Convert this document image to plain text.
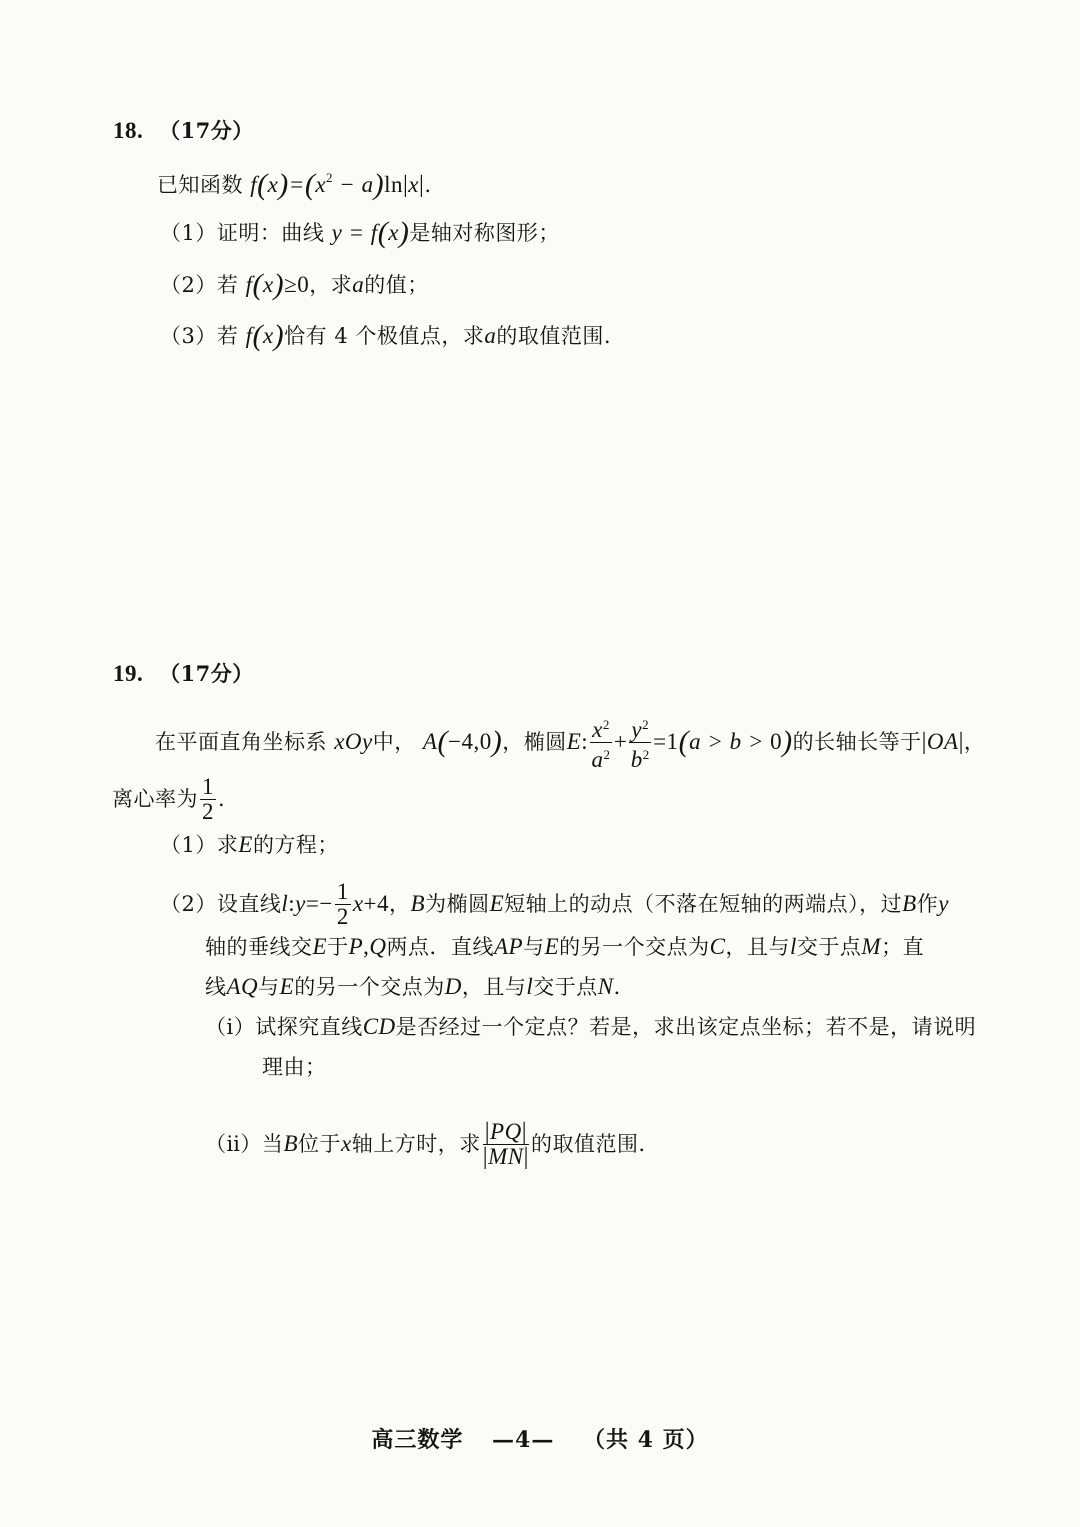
18. （17分）
已知函数 $f(x)=(x^2 - a)\ln|x|$.
（1）证明：曲线 y = f(x)是轴对称图形；
（2）若 f(x)≥0，求a的值；
（3）若 f(x)恰有 4 个极值点，求a的取值范围.
19. （17分）
在平面直角坐标系 xOy中， A(−4,0)，椭圆E: $\frac{x^2}{a^2} + \frac{y^2}{b^2} =1(a > b > 0)$的长轴长等于|OA|，
离心率为 $\frac{1}{2}$ .
（1）求E的方程；
（2）设直线l:y=− $\frac{1}{2} x+4$，B为椭圆E短轴上的动点（不落在短轴的两端点），过B作y
轴的垂线交E于P,Q两点．直线AP与E的另一个交点为C，且与l交于点M；直
线AQ与E的另一个交点为D，且与l交于点N．
（ⅰ）试探究直线CD是否经过一个定点？若是，求出该定点坐标；若不是，请说明
理由；
（ⅱ）当B位于x轴上方时，求 $\frac{|PQ|}{|MN|}$ 的取值范围．
高三数学 —4— （共 4 页）
